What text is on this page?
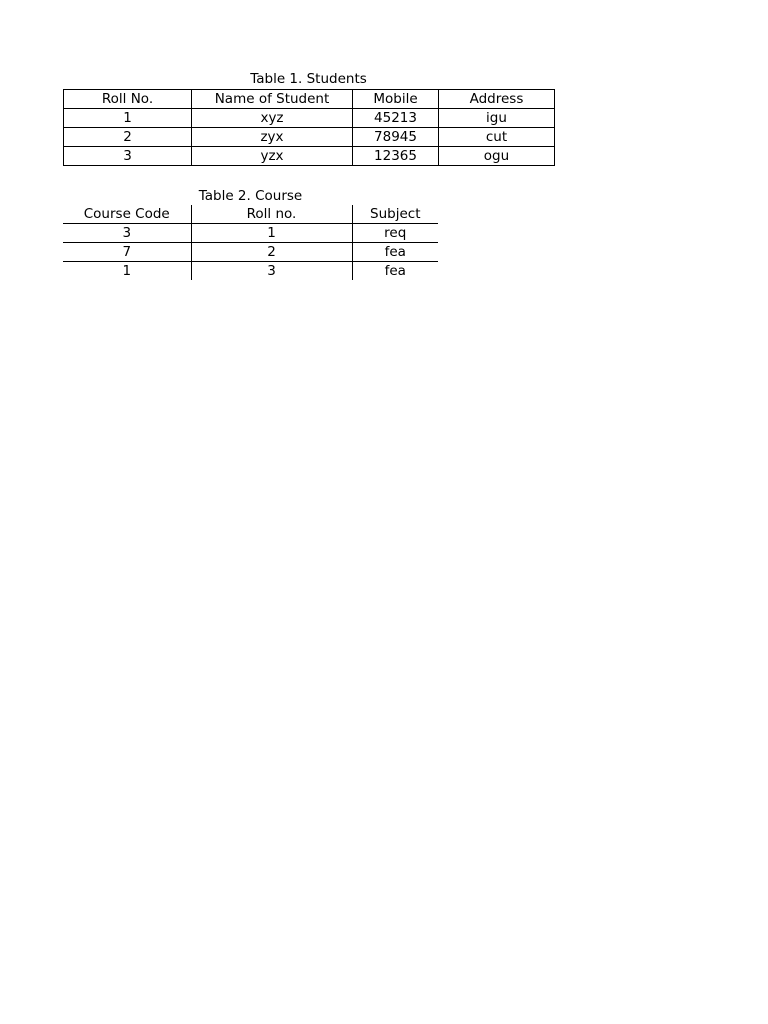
Table 1. Students
Roll No.	Name of Student	Mobile	Address
1	xyz	45213	igu
2	zyx	78945	cut
3	yzx	12365	ogu
Table 2. Course
Course Code	Roll no.	Subject
3	1	req
7	2	fea
1	3	fea
